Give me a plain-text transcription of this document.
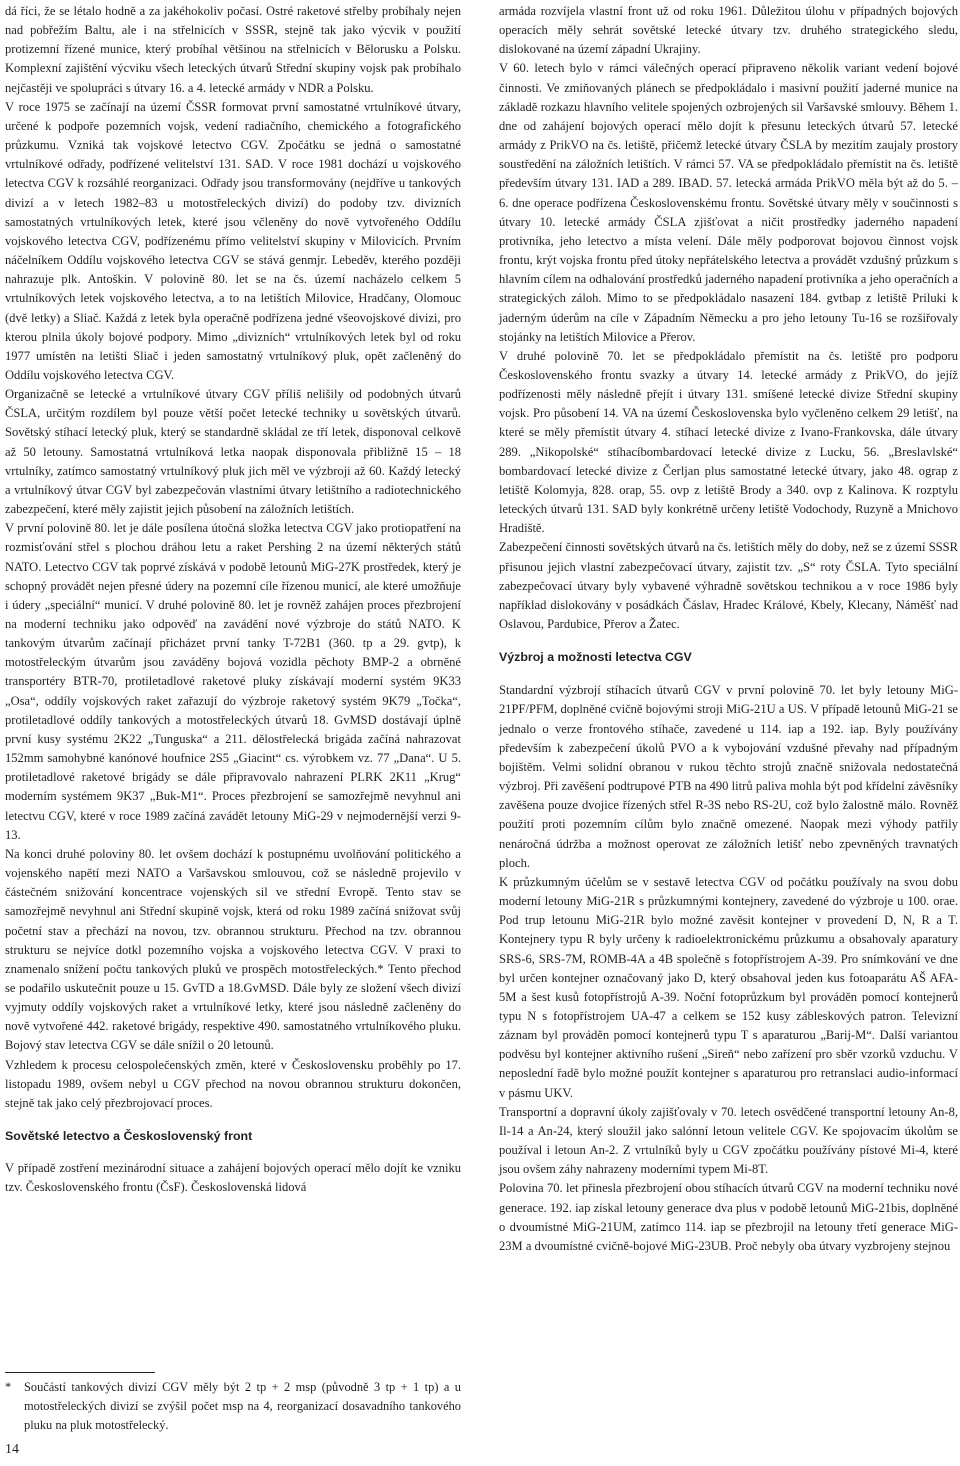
dá říci, že se létalo hodně a za jakéhokoliv počasí. Ostré raketové střelby probíhaly nejen nad pobřežím Baltu, ale i na střelnicích v SSSR, stejně tak jako výcvik v použití protizemní řízené munice, který probíhal většinou na střelnicích v Bělorusku a Polsku. Komplexní zajištění výcviku všech leteckých útvarů Střední skupiny vojsk pak probíhalo nejčastěji ve spolupráci s útvary 16. a 4. letecké armády v NDR a Polsku.

V roce 1975 se začínají na území ČSSR formovat první samostatné vrtulníkové útvary, určené k podpoře pozemních vojsk, vedení radiačního, chemického a fotografického průzkumu. Vzniká tak vojskové letectvo CGV. Zpočátku se jedná o samostatné vrtulníkové odřady, podřízené velitelství 131. SAD. V roce 1981 dochází u vojskového letectva CGV k rozsáhlé reorganizaci. Odřady jsou transformovány (nejdříve u tankových divizí a v letech 1982–83 u motostřeleckých divizí) do podoby tzv. divizních samostatných vrtulníkových letek, které jsou včleněny do nově vytvořeného Oddílu vojskového letectva CGV, podřízenému přímo velitelství skupiny v Milovicích. Prvním náčelníkem Oddílu vojskového letectva CGV se stává genmjr. Lebeděv, kterého později nahrazuje plk. Antoškin. V polovině 80. let se na čs. území nacházelo celkem 5 vrtulníkových letek vojskového letectva, a to na letištích Milovice, Hradčany, Olomouc (dvě letky) a Sliač. Každá z letek byla operačně podřízena jedné všeovojskové divizi, pro kterou plnila úkoly bojové podpory. Mimo „divizních“ vrtulníkových letek byl od roku 1977 umístěn na letišti Sliač i jeden samostatný vrtulníkový pluk, opět začleněný do Oddílu vojskového letectva CGV.

Organizačně se letecké a vrtulníkové útvary CGV příliš nelišily od podobných útvarů ČSLA, určitým rozdílem byl pouze větší počet letecké techniky u sovětských útvarů. Sovětský stíhací letecký pluk, který se standardně skládal ze tří letek, disponoval celkově až 50 letouny. Samostatná vrtulníková letka naopak disponovala přibližně 15 – 18 vrtulníky, zatímco samostatný vrtulníkový pluk jich měl ve výzbroji až 60. Každý letecký a vrtulníkový útvar CGV byl zabezpečován vlastními útvary letištního a radiotechnického zabezpečení, které měly zajistit jejich působení na záložních letištích.

V první polovině 80. let je dále posílena útočná složka letectva CGV jako protiopatření na rozmisťování střel s plochou dráhou letu a raket Pershing 2 na území některých států NATO. Letectvo CGV tak poprvé získává v podobě letounů MiG-27K prostředek, který je schopný provádět nejen přesné údery na pozemní cíle řízenou municí, ale které umožňuje i údery „speciální“ municí. V druhé polovině 80. let je rovněž zahájen proces přezbrojení na moderní techniku jako odpověď na zavádění nové výzbroje do států NATO. K tankovým útvarům začínají přicházet první tanky T-72B1 (360. tp a 29. gvtp), k motostřeleckým útvarům jsou zaváděny bojová vozidla pěchoty BMP-2 a obrněné transportéry BTR-70, protiletadlové raketové pluky získávají moderní systém 9K33 „Osa“, oddíly vojskových raket zařazují do výzbroje raketový systém 9K79 „Točka“, protiletadlové oddíly tankových a motostřeleckých útvarů 18. GvMSD dostávají úplně první kusy systému 2K22 „Tunguska“ a 211. dělostřelecká brigáda začíná nahrazovat 152mm samohybné kanónové houfnice 2S5 „Giacint“ cs. výrobkem vz. 77 „Dana“. U 5. protiletadlové raketové brigády se dále připravovalo nahrazení PLRK 2K11 „Krug“ moderním systémem 9K37 „Buk-M1“. Proces přezbrojení se samozřejmě nevyhnul ani letectvu CGV, které v roce 1989 začíná zavádět letouny MiG-29 v nejmodernější verzi 9-13.

Na konci druhé poloviny 80. let ovšem dochází k postupnému uvolňování politického a vojenského napětí mezi NATO a Varšavskou smlouvou, což se následně projevilo v částečném snižování koncentrace vojenských sil ve střední Evropě. Tento stav se samozřejmě nevyhnul ani Střední skupině vojsk, která od roku 1989 začíná snižovat svůj početní stav a přechází na novou, tzv. obrannou strukturu. Přechod na tzv. obrannou strukturu se nejvíce dotkl pozemního vojska a vojskového letectva CGV. V praxi to znamenalo snížení počtu tankových pluků ve prospěch motostřeleckých.* Tento přechod se podařilo uskutečnit pouze u 15. GvTD a 18.GvMSD. Dále byly ze složení všech divizí vyjmuty oddíly vojskových raket a vrtulníkové letky, které jsou následně začleněny do nově vytvořené 442. raketové brigády, respektive 490. samostatného vrtulníkového pluku. Bojový stav letectva CGV se dále snížil o 20 letounů.

Vzhledem k procesu celospolečenských změn, které v Československu proběhly po 17. listopadu 1989, ovšem nebyl u CGV přechod na novou obrannou strukturu dokončen, stejně tak jako celý přezbrojovací proces.

Sovětské letectvo a Československý front

V případě zostření mezinárodní situace a zahájení bojových operací mělo dojít ke vzniku tzv. Československého frontu (ČsF). Československá lidová

*	Součástí tankových divizí CGV měly být 2 tp + 2 msp (původně 3 tp + 1 tp) a u motostřeleckých divizí se zvýšil počet msp na 4, reorganizací dosavadního tankového pluku na pluk motostřelecký.
14

armáda rozvíjela vlastní front už od roku 1961. Důležitou úlohu v případných bojových operacích měly sehrát sovětské letecké útvary tzv. druhého strategického sledu, dislokované na území západní Ukrajiny.

V 60. letech bylo v rámci válečných operací připraveno několik variant vedení bojové činnosti. Ve zmiňovaných plánech se předpokládalo i masivní použití jaderné munice na základě rozkazu hlavního velitele spojených ozbrojených sil Varšavské smlouvy. Během 1. dne od zahájení bojových operací mělo dojít k přesunu leteckých útvarů 57. letecké armády z PrikVO na čs. letiště, přičemž letecké útvary ČSLA by mezitím zaujaly prostory soustředění na záložních letištích. V rámci 57. VA se předpokládalo přemístit na čs. letiště především útvary 131. IAD a 289. IBAD. 57. letecká armáda PrikVO měla být až do 5. – 6. dne operace podřízena Československému frontu. Sovětské útvary měly v součinnosti s útvary 10. letecké armády ČSLA zjišťovat a ničit prostředky jaderného napadení protivníka, jeho letectvo a místa velení. Dále měly podporovat bojovou činnost vojsk frontu, krýt vojska frontu před útoky nepřátelského letectva a provádět vzdušný průzkum s hlavním cílem na odhalování prostředků jaderného napadení protivníka a jeho operačních a strategických záloh. Mimo to se předpokládalo nasazení 184. gvtbap z letiště Priluki k jaderným úderům na cíle v Západním Německu a pro jeho letouny Tu-16 se rozšiřovaly stojánky na letištích Milovice a Přerov.

V druhé polovině 70. let se předpokládalo přemístit na čs. letiště pro podporu Československého frontu svazky a útvary 14. letecké armády z PrikVO, do jejíž podřízenosti měly následně přejít i útvary 131. smíšené letecké divize Střední skupiny vojsk. Pro působení 14. VA na území Československa bylo vyčleněno celkem 29 letišť, na které se měly přemístit útvary 4. stíhací letecké divize z Ivano-Frankovska, dále útvary 289. „Nikopolské“ stíhacíbombardovací letecké divize z Lucku, 56. „Breslavlské“ bombardovací letecké divize z Čerljan plus samostatné letecké útvary, jako 48. ograp z letiště Kolomyja, 828. orap, 55. ovp z letiště Brody a 340. ovp z Kalinova. K rozptylu leteckých útvarů 131. SAD byly konkrétně určeny letiště Vodochody, Ruzyně a Mnichovo Hradiště.

Zabezpečení činnosti sovětských útvarů na čs. letištích měly do doby, než se z území SSSR přisunou jejich vlastní zabezpečovací útvary, zajistit tzv. „S“ roty ČSLA. Tyto speciální zabezpečovací útvary byly vybavené výhradně sovětskou technikou a v roce 1986 byly například dislokovány v posádkách Čáslav, Hradec Králové, Kbely, Klecany, Náměšť nad Oslavou, Pardubice, Přerov a Žatec.

Výzbroj a možnosti letectva CGV

Standardní výzbrojí stíhacích útvarů CGV v první polovině 70. let byly letouny MiG-21PF/PFM, doplněné cvičně bojovými stroji MiG-21U a US. V případě letounů MiG-21 se jednalo o verze frontového stíhače, zavedené u 114. iap a 192. iap. Byly používány především k zabezpečení úkolů PVO a k vybojování vzdušné převahy nad případným bojištěm. Velmi solidní obranou v rukou těchto strojů značně snižovala nedostatečná výzbroj. Při zavěšení podtrupové PTB na 490 litrů paliva mohla být pod křídelní závěsníky zavěšena pouze dvojice řízených střel R-3S nebo RS-2U, což bylo žalostně málo. Rovněž použití proti pozemním cílům bylo značně omezené. Naopak mezi výhody patřily nenáročná údržba a možnost operovat ze záložních letišť nebo zpevněných travnatých ploch.

K průzkumným účelům se v sestavě letectva CGV od počátku používaly na svou dobu moderní letouny MiG-21R s průzkumnými kontejnery, zavedené do výzbroje u 100. orae. Pod trup letounu MiG-21R bylo možné zavěsit kontejner v provedení D, N, R a T. Kontejnery typu R byly určeny k radioelektronickému průzkumu a obsahovaly aparatury SRS-6, SRS-7M, ROMB-4A a 4B společně s fotopřístrojem A-39. Pro snímkování ve dne byl určen kontejner označovaný jako D, který obsahoval jeden kus fotoaparátu AŠ AFA-5M a šest kusů fotopřístrojů A-39. Noční fotoprůzkum byl prováděn pomocí kontejnerů typu N s fotopřístrojem UA-47 a celkem se 152 kusy zábleskových patron. Televizní záznam byl prováděn pomocí kontejnerů typu T s aparaturou „Barij-M“. Další variantou podvěsu byl kontejner aktivního rušení „Sireň“ nebo zařízení pro sběr vzorků vzduchu. V neposlední řadě bylo možné použít kontejner s aparaturou pro retranslaci audio-informací v pásmu UKV.

Transportní a dopravní úkoly zajišťovaly v 70. letech osvědčené transportní letouny An-8, Il-14 a An-24, který sloužil jako salónní letoun velitele CGV. Ke spojovacím úkolům se používal i letoun An-2. Z vrtulníků byly u CGV zpočátku používány pístové Mi-4, které jsou ovšem záhy nahrazeny moderními typem Mi-8T.

Polovina 70. let přinesla přezbrojení obou stíhacích útvarů CGV na moderní techniku nové generace. 192. iap získal letouny generace dva plus v podobě letounů MiG-21bis, doplněné o dvoumístné MiG-21UM, zatímco 114. iap se přezbrojil na letouny třetí generace MiG-23M a dvoumístné cvičně-bojové MiG-23UB. Proč nebyly oba útvary vyzbrojeny stejnou
